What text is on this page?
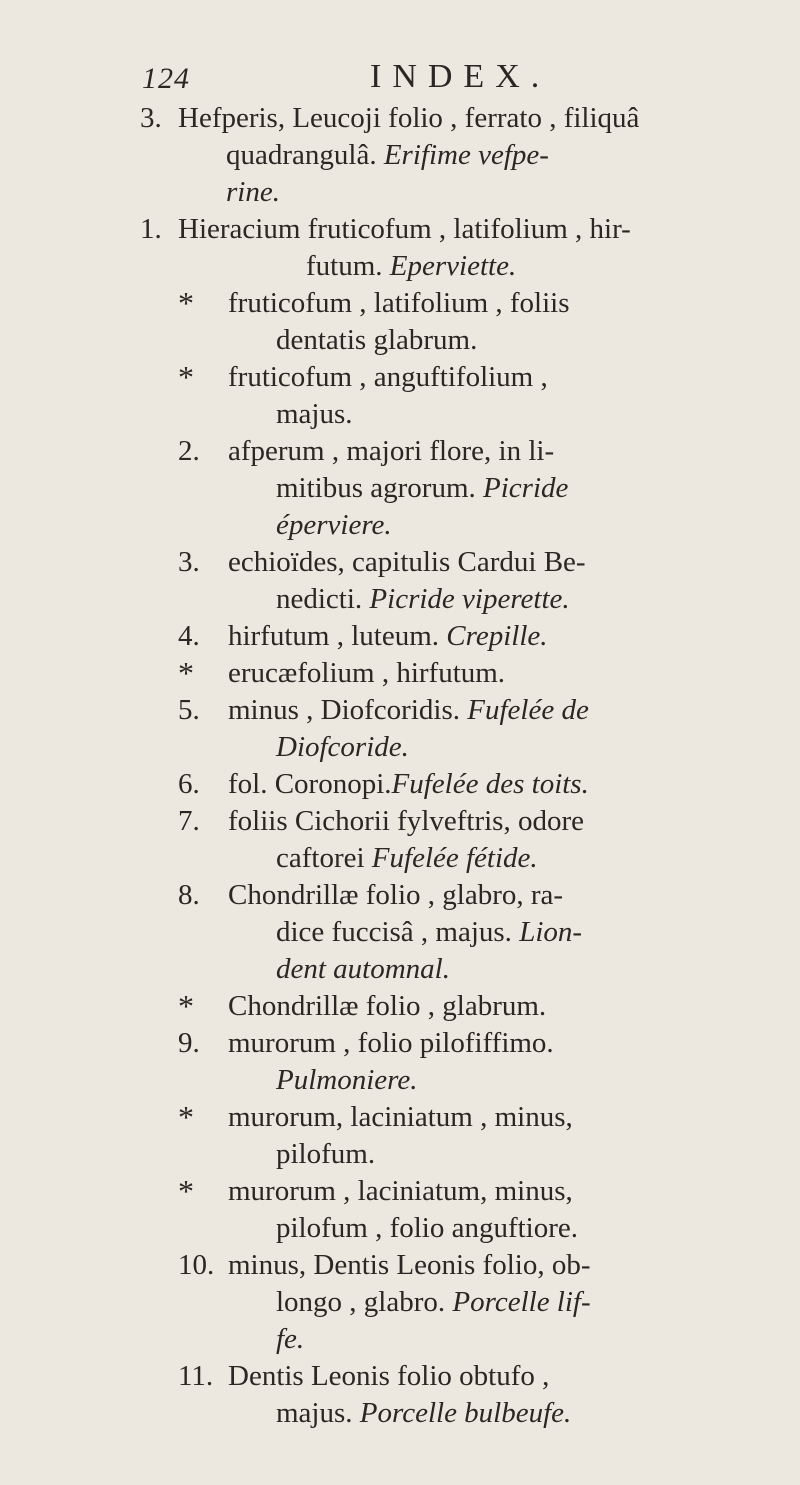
124	INDEX.
3. Hefperis, Leucoji folio , ferrato , filiquâ
quadrangulâ. Erifime vefpe-
rine.
1. Hieracium fruticofum , latifolium , hir-
futum. Eperviette.
*	fruticofum , latifolium , foliis
dentatis glabrum.
*	fruticofum , anguftifolium ,
majus.
2. afperum , majori flore, in li-
mitibus agrorum. Picride
éperviere.
3. echioïdes, capitulis Cardui Be-
nedicti. Picride viperette.
4. hirfutum , luteum. Crepille.
*	erucæfolium , hirfutum.
5. minus , Diofcoridis. Fufelée de
Diofcoride.
6. fol. Coronopi.Fufelée des toits.
7. foliis Cichorii fylveftris, odore
caftorei Fufelée fétide.
8. Chondrillæ folio , glabro, ra-
dice fuccisâ , majus. Lion-
dent automnal.
*	Chondrillæ folio , glabrum.
9. murorum , folio pilofiffimo.
Pulmoniere.
*	murorum, laciniatum , minus,
pilofum.
*	murorum , laciniatum, minus,
pilofum , folio anguftiore.
10. minus, Dentis Leonis folio, ob-
longo , glabro. Porcelle lif-
fe.
11. Dentis Leonis folio obtufo ,
majus. Porcelle bulbeufe.
